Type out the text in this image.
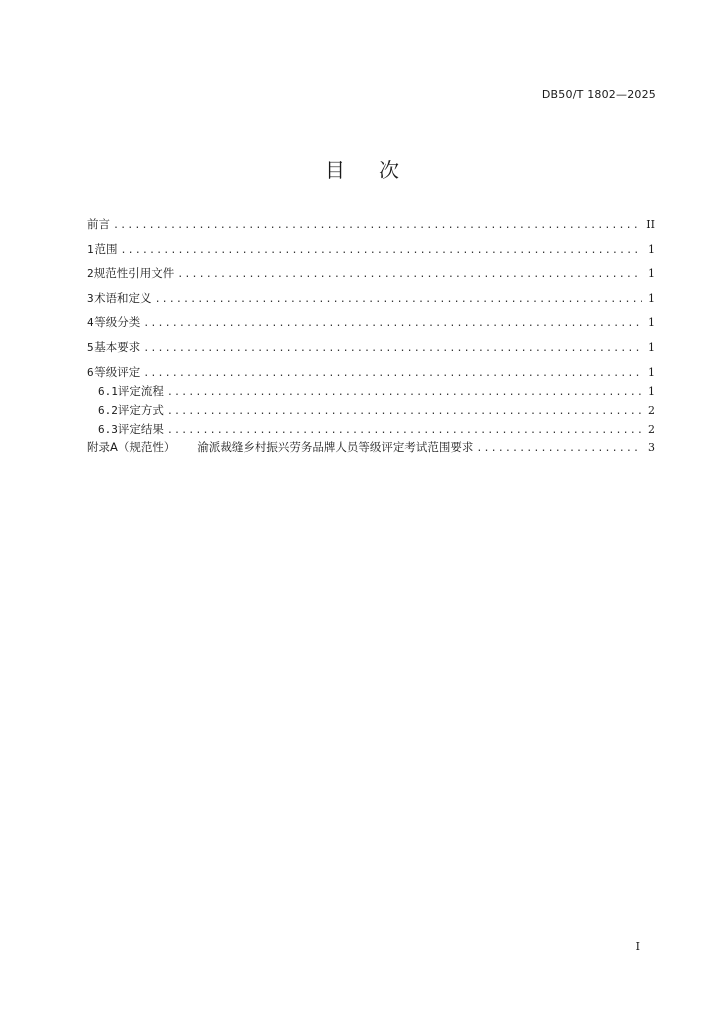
DB50/T 1802—2025
目 次
前言 .....	II
1 范围 .....	1
2 规范性引用文件 .....	1
3 术语和定义 .....	1
4 等级分类 .....	1
5 基本要求 .....	1
6 等级评定 .....	1
6.1 评定流程 .....	1
6.2 评定方式 .....	2
6.3 评定结果 .....	2
附录A（规范性） 渝派裁缝乡村振兴劳务品牌人员等级评定考试范围要求 .....	3
I
